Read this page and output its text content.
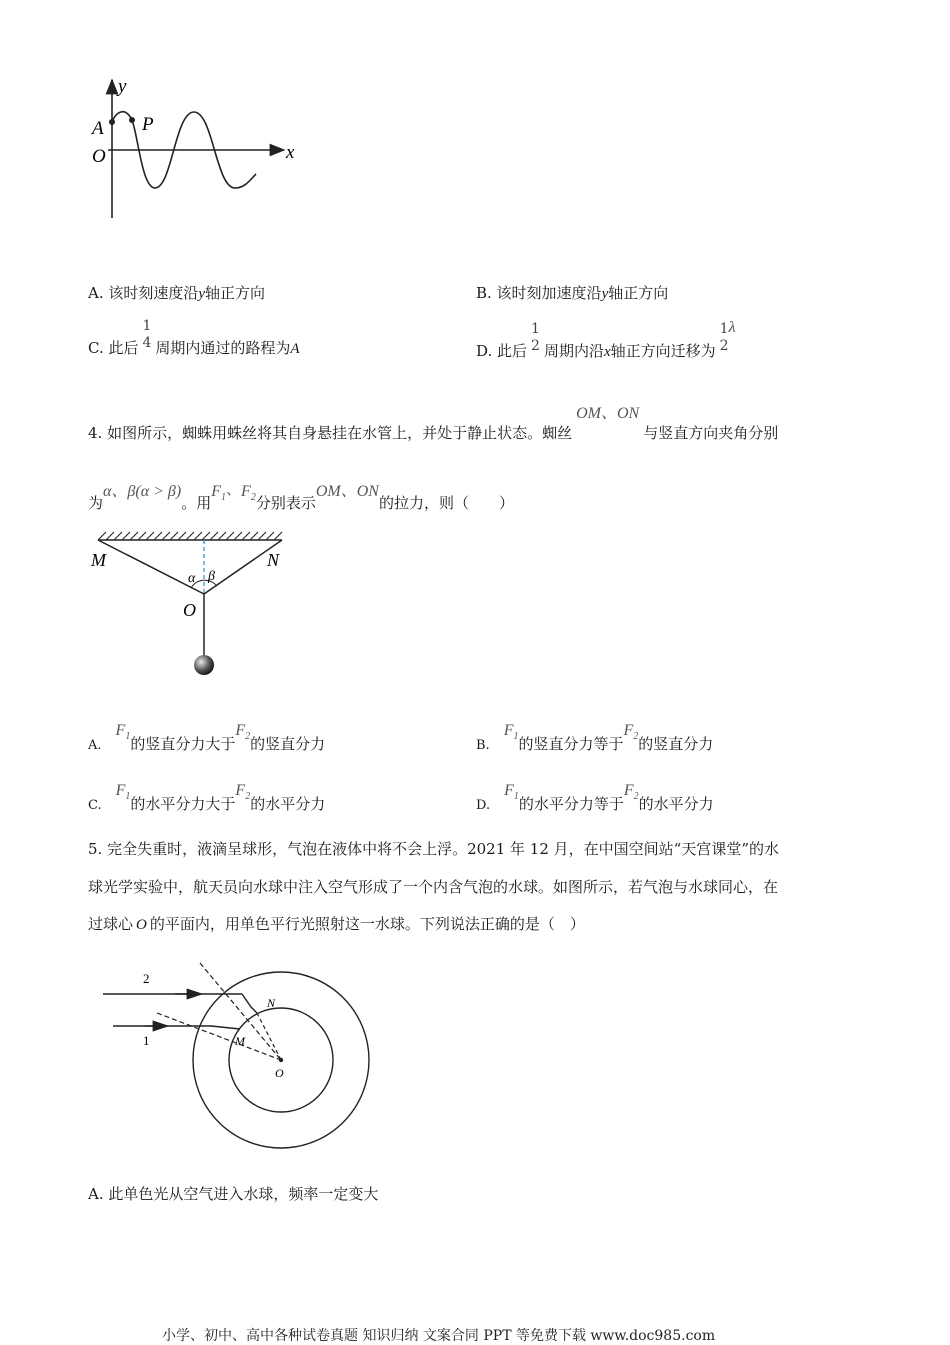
y
x
O
A P
A. 该时刻速度沿y轴正方向	B. 该时刻加速度沿y轴正方向
C. 此后
1
4 周期内通过的路程为A	D. 此后
1
2 周期内沿x轴正方向迁移为
1
2
λ
4. 如图所示，蜘蛛用蛛丝将其自身悬挂在水管上，并处于静止状态。蜘丝OM、ON与竖直方向夹角分别
为α、β(α > β)。用$F_1$、$F_2$分别表示OM、ON的拉力，则（　　）
M	N
O
α β
$A.F_1$的竖直分力大于$F_2$的竖直分力	$B.F_1$的竖直分力等于$F_2$的竖直分力
$C.F_1$的水平分力大于$F_2$的水平分力	$D.F_1$的水平分力等于$F_2$的水平分力
5. 完全失重时，液滴呈球形，气泡在液体中将不会上浮。2021 年 12 月，在中国空间站“天宫课堂”的水
球光学实验中，航天员向水球中注入空气形成了一个内含气泡的水球。如图所示，若气泡与水球同心，在
过球心 O 的平面内，用单色平行光照射这一水球。下列说法正确的是（　）
2
1
N
M
O
A. 此单色光从空气进入水球，频率一定变大
小学、初中、高中各种试卷真题 知识归纳 文案合同 PPT 等免费下载 www.doc985.com
